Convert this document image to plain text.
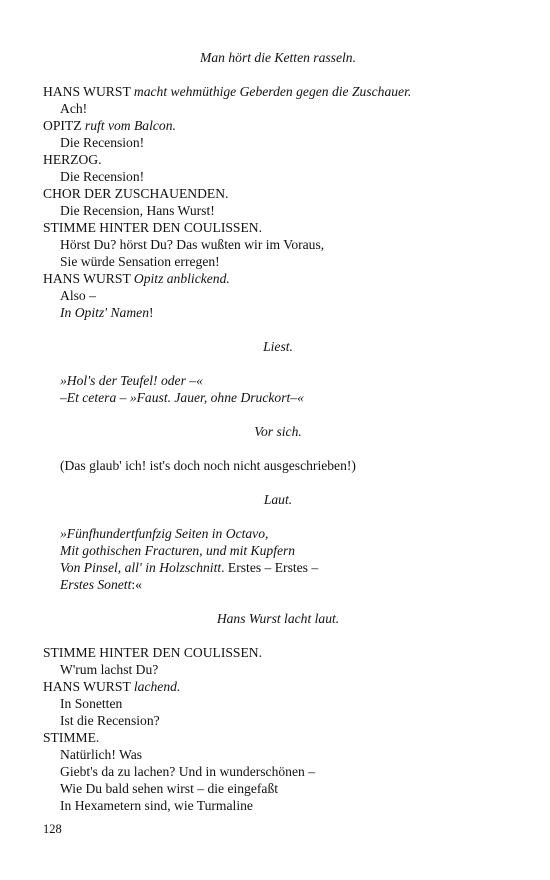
Man hört die Ketten rasseln.
HANS WURST macht wehmüthige Geberden gegen die Zuschauer.
Ach!
OPITZ ruft vom Balcon.
Die Recension!
HERZOG.
Die Recension!
CHOR DER ZUSCHAUENDEN.
Die Recension, Hans Wurst!
STIMME HINTER DEN COULISSEN.
Hörst Du? hörst Du? Das wußten wir im Voraus,
Sie würde Sensation erregen!
HANS WURST Opitz anblickend.
Also –
In Opitz' Namen!
Liest.
»Hol's der Teufel! oder –«
–Et cetera – »Faust. Jauer, ohne Druckort–«
Vor sich.
(Das glaub' ich! ist's doch noch nicht ausgeschrieben!)
Laut.
»Fünfhundertfunfzig Seiten in Octavo,
Mit gothischen Fracturen, und mit Kupfern
Von Pinsel, all' in Holzschnitt. Erstes – Erstes –
Erstes Sonett:«
Hans Wurst lacht laut.
STIMME HINTER DEN COULISSEN.
W'rum lachst Du?
HANS WURST lachend.
In Sonetten
Ist die Recension?
STIMME.
Natürlich! Was
Giebt's da zu lachen? Und in wunderschönen –
Wie Du bald sehen wirst – die eingefaßt
In Hexametern sind, wie Turmaline
128
